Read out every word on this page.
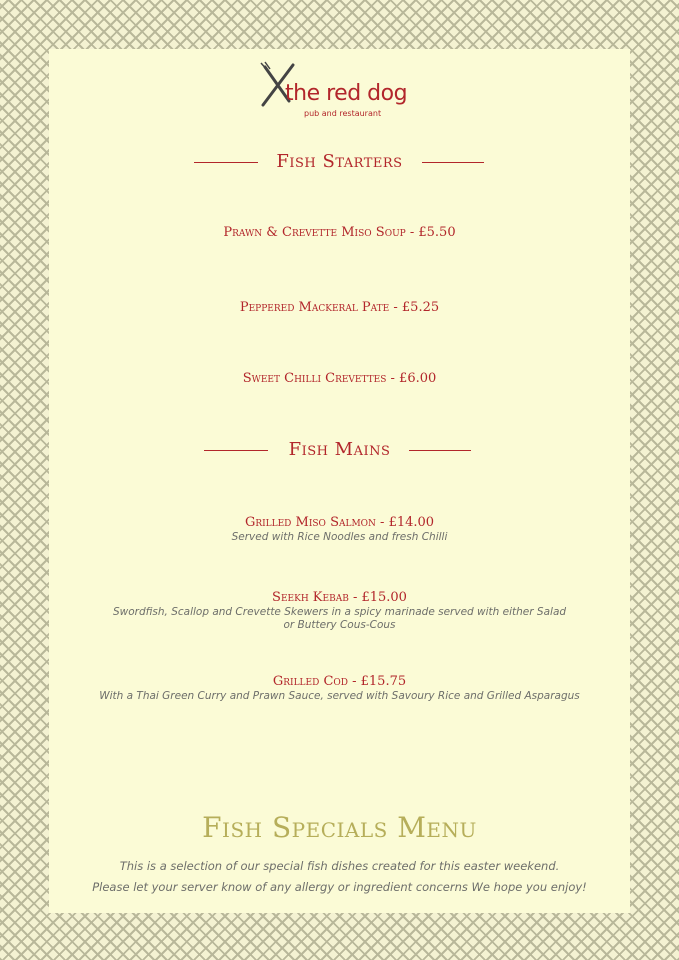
the red dog
pub and restaurant
Fish Starters
Prawn & Crevette Miso Soup - £5.50
Peppered Mackeral Pate - £5.25
Sweet Chilli Crevettes - £6.00
Fish Mains
Grilled Miso Salmon - £14.00
Served with Rice Noodles and fresh Chilli
Seekh Kebab - £15.00
Swordfish, Scallop and Crevette Skewers in a spicy marinade served with either Salad
or Buttery Cous-Cous
Grilled Cod - £15.75
With a Thai Green Curry and Prawn Sauce, served with Savoury Rice and Grilled Asparagus
Fish Specials Menu
This is a selection of our special fish dishes created for this easter weekend.
Please let your server know of any allergy or ingredient concerns We hope you enjoy!
